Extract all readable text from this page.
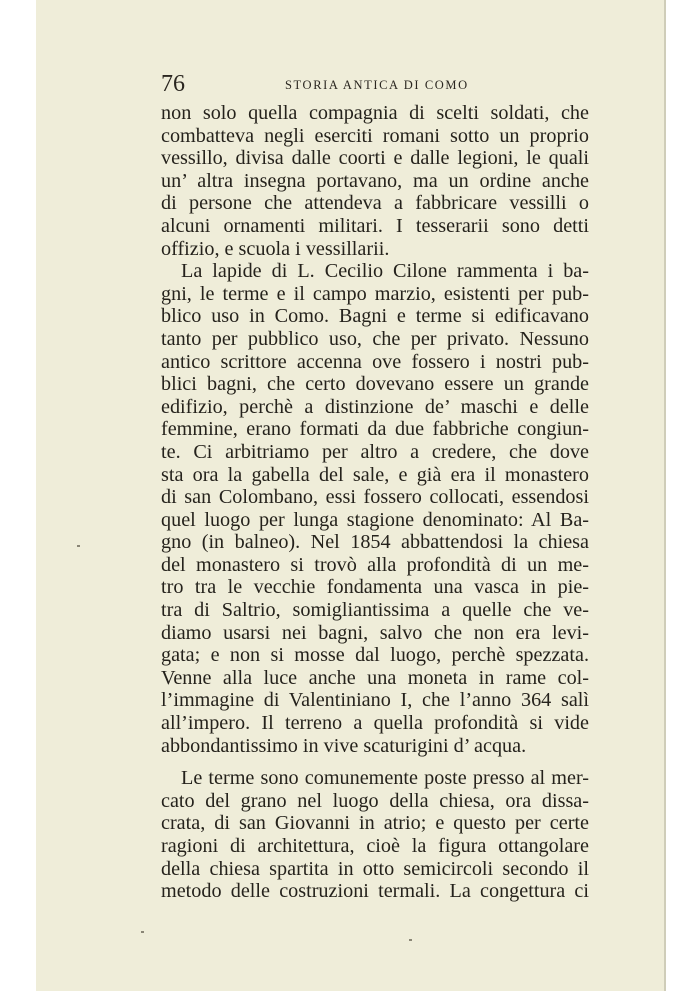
76	STORIA ANTICA DI COMO
non solo quella compagnia di scelti soldati, che
combatteva negli eserciti romani sotto un proprio
vessillo, divisa dalle coorti e dalle legioni, le quali
un’ altra insegna portavano, ma un ordine anche
di persone che attendeva a fabbricare vessilli o
alcuni ornamenti militari. I tesserarii sono detti
offizio, e scuola i vessillarii.
La lapide di L. Cecilio Cilone rammenta i ba-
gni, le terme e il campo marzio, esistenti per pub-
blico uso in Como. Bagni e terme si edificavano
tanto per pubblico uso, che per privato. Nessuno
antico scrittore accenna ove fossero i nostri pub-
blici bagni, che certo dovevano essere un grande
edifizio, perchè a distinzione de’ maschi e delle
femmine, erano formati da due fabbriche congiun-
te. Ci arbitriamo per altro a credere, che dove
sta ora la gabella del sale, e già era il monastero
di san Colombano, essi fossero collocati, essendosi
quel luogo per lunga stagione denominato: Al Ba-
gno (in balneo). Nel 1854 abbattendosi la chiesa
del monastero si trovò alla profondità di un me-
tro tra le vecchie fondamenta una vasca in pie-
tra di Saltrio, somigliantissima a quelle che ve-
diamo usarsi nei bagni, salvo che non era levi-
gata; e non si mosse dal luogo, perchè spezzata.
Venne alla luce anche una moneta in rame col-
l’immagine di Valentiniano I, che l’anno 364 salì
all’impero. Il terreno a quella profondità si vide
abbondantissimo in vive scaturigini d’ acqua.
Le terme sono comunemente poste presso al mer-
cato del grano nel luogo della chiesa, ora dissa-
crata, di san Giovanni in atrio; e questo per certe
ragioni di architettura, cioè la figura ottangolare
della chiesa spartita in otto semicircoli secondo il
metodo delle costruzioni termali. La congettura ci
